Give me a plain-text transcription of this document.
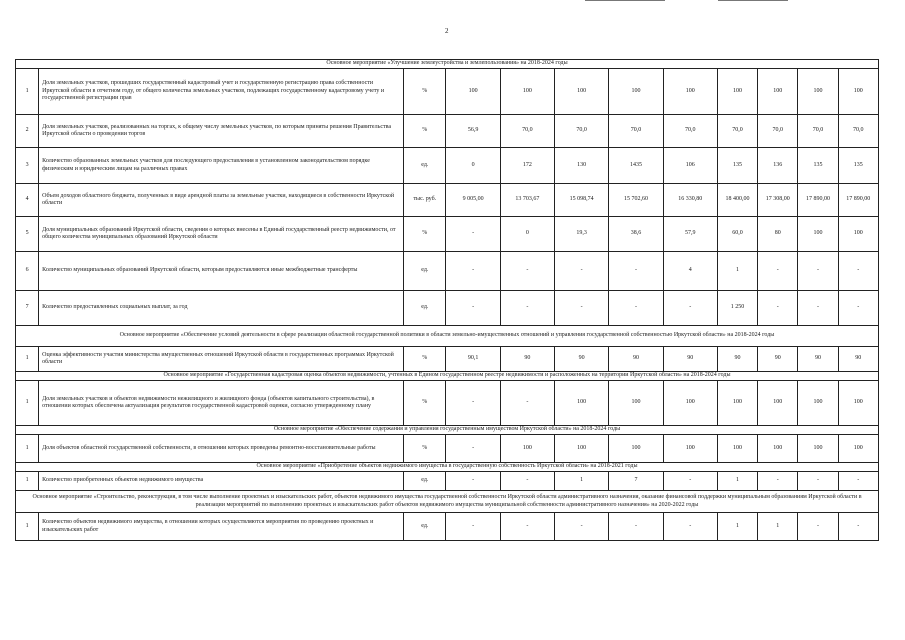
2
Основное мероприятие «Улучшение землеустройства и землепользования» на 2018-2024 годы											
1	Доля земельных участков, прошедших государственный кадастровый учет и государственную регистрацию права собственности Иркутской области в отчетном году, от общего количества земельных участков, подлежащих государственному кадастровому учету и государственной регистрации прав	%	100	100	100	100	100	100	100	100	100
2	Доля земельных участков, реализованных на торгах, к общему числу земельных участков, по которым приняты решения Правительства Иркутской области о проведении торгов	%	56,9	70,0	70,0	70,0	70,0	70,0	70,0	70,0	70,0
3	Количество образованных земельных участков для последующего предоставления в установленном законодательством порядке физическим и юридическим лицам на различных правах	ед.	0	172	130	1435	106	135	136	135	135
4	Объем доходов областного бюджета, полученных в виде арендной платы за земельные участки, находящиеся в собственности Иркутской области	тыс. руб.	9 005,00	13 703,67	15 098,74	15 702,60	16 330,80	18 400,00	17 308,00	17 890,00	17 890,00
5	Доля муниципальных образований Иркутской области, сведения о которых внесены в Единый государственный реестр недвижимости, от общего количества муниципальных образований Иркутской области	%	-	0	19,3	38,6	57,9	60,0	80	100	100
6	Количество муниципальных образований Иркутской области, которым предоставляются иные межбюджетные трансферты	ед.	-	-	-	-	4	1	-	-	-
7	Количество предоставленных социальных выплат, за год	ед.	-	-	-	-	-	1 250	-	-	-
Основное мероприятие «Обеспечение условий деятельности в сфере реализации областной государственной политики в области земельно-имущественных отношений и управления государственной собственностью Иркутской области» на 2018-2024 годы											
1	Оценка эффективности участия министерства имущественных отношений Иркутской области в государственных программах Иркутской области	%	90,1	90	90	90	90	90	90	90	90
Основное мероприятие «Государственная кадастровая оценка объектов недвижимости, учтенных в Едином государственном реестре недвижимости и расположенных на территории Иркутской области» на 2018-2024 годы											
1	Доля земельных участков и объектов недвижимости нежилищного и жилищного фонда (объектов капитального строительства), в отношении которых обеспечена актуализация результатов государственной кадастровой оценки, согласно утвержденному плану	%	-	-	100	100	100	100	100	100	100
Основное мероприятие «Обеспечение содержания и управления государственным имуществом Иркутской области» на 2018-2024 годы											
1	Доля объектов областной государственной собственности, в отношении которых проведены ремонтно-восстановительные работы	%	-	100	100	100	100	100	100	100	100
Основное мероприятие «Приобретение объектов недвижимого имущества в государственную собственность Иркутской области» на 2018-2021 годы											
1	Количество приобретенных объектов недвижимого имущества	ед.	-	-	1	7	-	1	-	-	-
Основное мероприятие «Строительство, реконструкция, в том числе выполнение проектных и изыскательских работ, объектов недвижимого имущества государственной собственности Иркутской области административного назначения, оказание финансовой поддержки муниципальным образованиям Иркутской области в реализации мероприятий по выполнению проектных и изыскательских работ объектов недвижимого имущества муниципальной собственности административного назначения» на 2020-2022 годы											
1	Количество объектов недвижимого имущества, в отношении которых осуществляются мероприятия по проведению проектных и изыскательских работ	ед.	-	-	-	-	-	1	1	-	-
